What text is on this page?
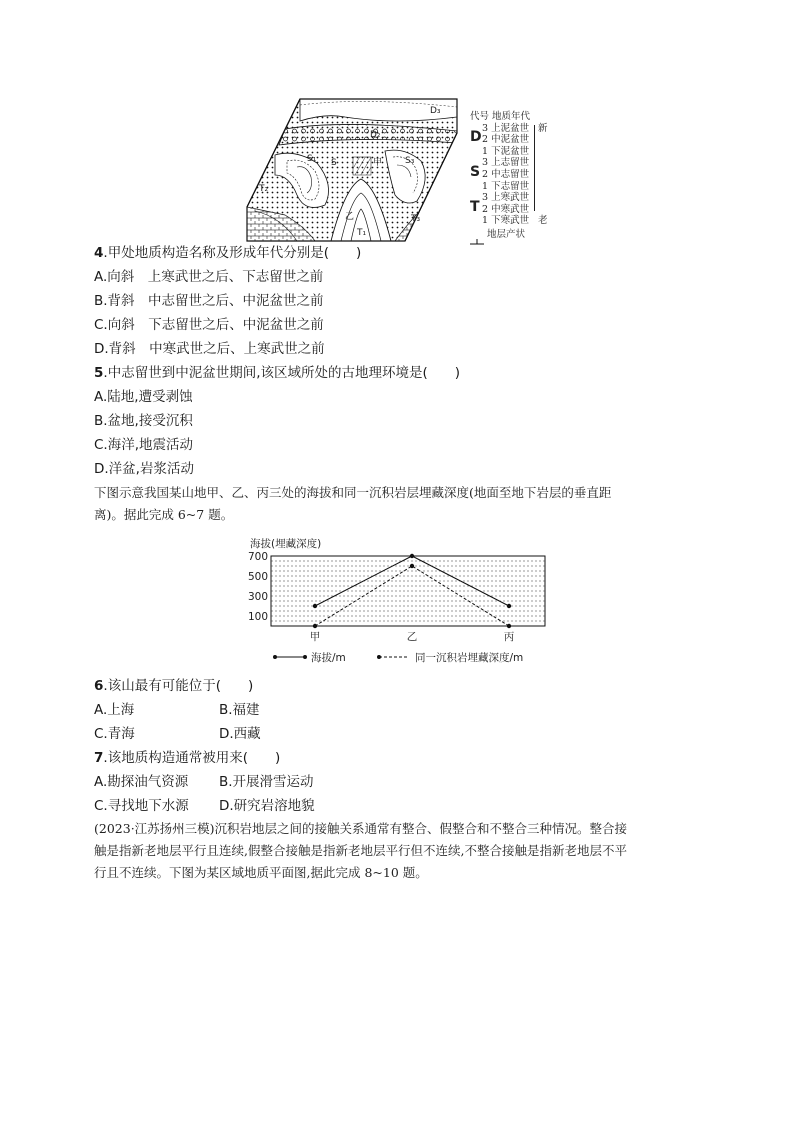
D₃
D₂
S₁ S	S₃
T₁
T₂
T₃
甲
乙
代号 地质年代
3 上泥盆世 新
D 2 中泥盆世
1 下泥盆世
3 上志留世
S 2 中志留世
1 下志留世
3 上寒武世
T 2 中寒武世
1 下寒武世 老
地层产状
4.甲处地质构造名称及形成年代分别是(　　)
A.向斜　上寒武世之后、下志留世之前
B.背斜　中志留世之后、中泥盆世之前
C.向斜　下志留世之后、中泥盆世之前
D.背斜　中寒武世之后、上寒武世之前
5.中志留世到中泥盆世期间,该区域所处的古地理环境是(　　)
A.陆地,遭受剥蚀
B.盆地,接受沉积
C.海洋,地震活动
D.洋盆,岩浆活动
下图示意我国某山地甲、乙、丙三处的海拔和同一沉积岩层埋藏深度(地面至地下岩层的垂直距
离)。据此完成 6~7 题。
海拔(埋藏深度)
100
300
500
700
甲	乙	丙
海拔/m	同一沉积岩埋藏深度/m
6.该山最有可能位于(　　)
A.上海	B.福建
C.青海	D.西藏
7.该地质构造通常被用来(　　)
A.勘探油气资源 B.开展滑雪运动
C.寻找地下水源 D.研究岩溶地貌
(2023·江苏扬州三模)沉积岩地层之间的接触关系通常有整合、假整合和不整合三种情况。整合接
触是指新老地层平行且连续,假整合接触是指新老地层平行但不连续,不整合接触是指新老地层不平
行且不连续。下图为某区域地质平面图,据此完成 8~10 题。
